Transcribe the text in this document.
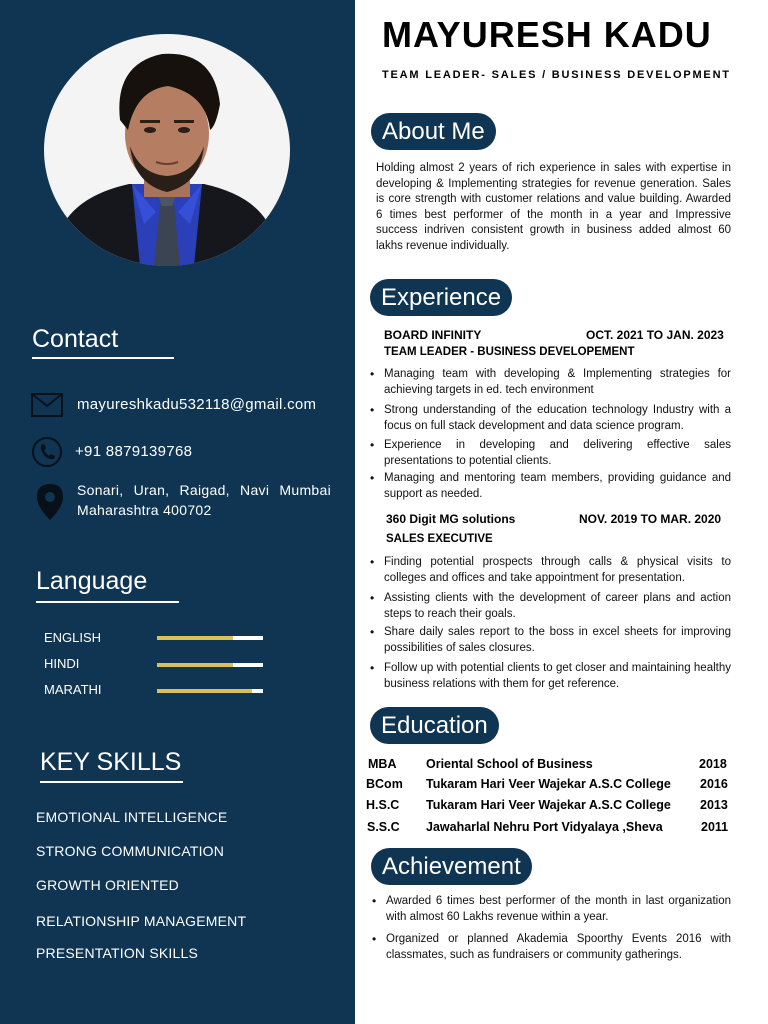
Contact
mayureshkadu532118@gmail.com
+91 8879139768
Sonari, Uran, Raigad, Navi Mumbai
Maharashtra 400702
Language
ENGLISH
HINDI
MARATHI
KEY SKILLS
EMOTIONAL INTELLIGENCE
STRONG COMMUNICATION
GROWTH ORIENTED
RELATIONSHIP MANAGEMENT
PRESENTATION SKILLS
MAYURESH KADU
TEAM LEADER- SALES / BUSINESS DEVELOPMENT
About Me
Holding almost 2 years of rich experience in sales with expertise in developing & Implementing strategies for revenue generation. Sales is core strength with customer relations and value building. Awarded 6 times best performer of the month in a year and Impressive success indriven consistent growth in business added almost 60 lakhs revenue individually.
Experience
BOARD INFINITY	OCT. 2021 TO JAN. 2023
TEAM LEADER - BUSINESS DEVELOPEMENT
• Managing team with developing & Implementing strategies for achieving targets in ed. tech environment
• Strong understanding of the education technology Industry with a focus on full stack development and data science program.
• Experience in developing and delivering effective sales presentations to potential clients.
• Managing and mentoring team members, providing guidance and support as needed.
360 Digit MG solutions	NOV. 2019 TO MAR. 2020
SALES EXECUTIVE
• Finding potential prospects through calls & physical visits to colleges and offices and take appointment for presentation.
• Assisting clients with the development of career plans and action steps to reach their goals.
• Share daily sales report to the boss in excel sheets for improving possibilities of sales closures.
• Follow up with potential clients to get closer and maintaining healthy business relations with them for get reference.
Education
MBA Oriental School of Business	2018
BCom Tukaram Hari Veer Wajekar A.S.C College 2016
H.S.C Tukaram Hari Veer Wajekar A.S.C College 2013
S.S.C Jawaharlal Nehru Port Vidyalaya ,Sheva	2011
Achievement
• Awarded 6 times best performer of the month in last organization with almost 60 Lakhs revenue within a year.
• Organized or planned Akademia Spoorthy Events 2016 with classmates, such as fundraisers or community gatherings.
